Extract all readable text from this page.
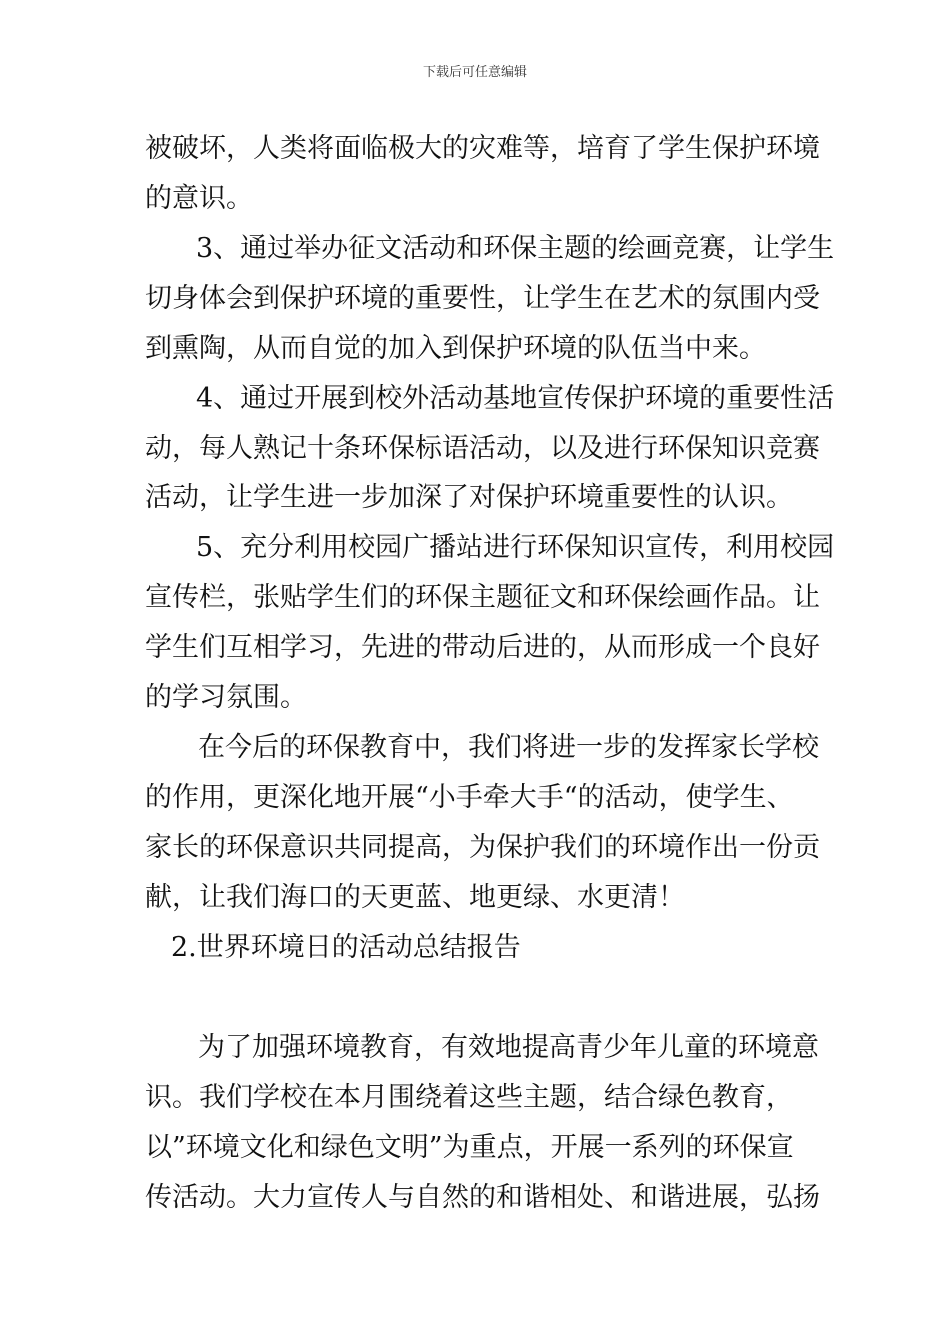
下载后可任意编辑
被破坏，人类将面临极大的灾难等，培育了学生保护环境
的意识。
3、通过举办征文活动和环保主题的绘画竞赛，让学生
切身体会到保护环境的重要性，让学生在艺术的氛围内受
到熏陶，从而自觉的加入到保护环境的队伍当中来。
4、通过开展到校外活动基地宣传保护环境的重要性活
动，每人熟记十条环保标语活动，以及进行环保知识竞赛
活动，让学生进一步加深了对保护环境重要性的认识。
5、充分利用校园广播站进行环保知识宣传，利用校园
宣传栏，张贴学生们的环保主题征文和环保绘画作品。让
学生们互相学习，先进的带动后进的，从而形成一个良好
的学习氛围。
在今后的环保教育中，我们将进一步的发挥家长学校
的作用，更深化地开展“小手牵大手“的活动，使学生、
家长的环保意识共同提高，为保护我们的环境作出一份贡
献，让我们海口的天更蓝、地更绿、水更清！
2.世界环境日的活动总结报告
为了加强环境教育，有效地提高青少年儿童的环境意
识。我们学校在本月围绕着这些主题，结合绿色教育，
以”环境文化和绿色文明”为重点，开展一系列的环保宣
传活动。大力宣传人与自然的和谐相处、和谐进展，弘扬
